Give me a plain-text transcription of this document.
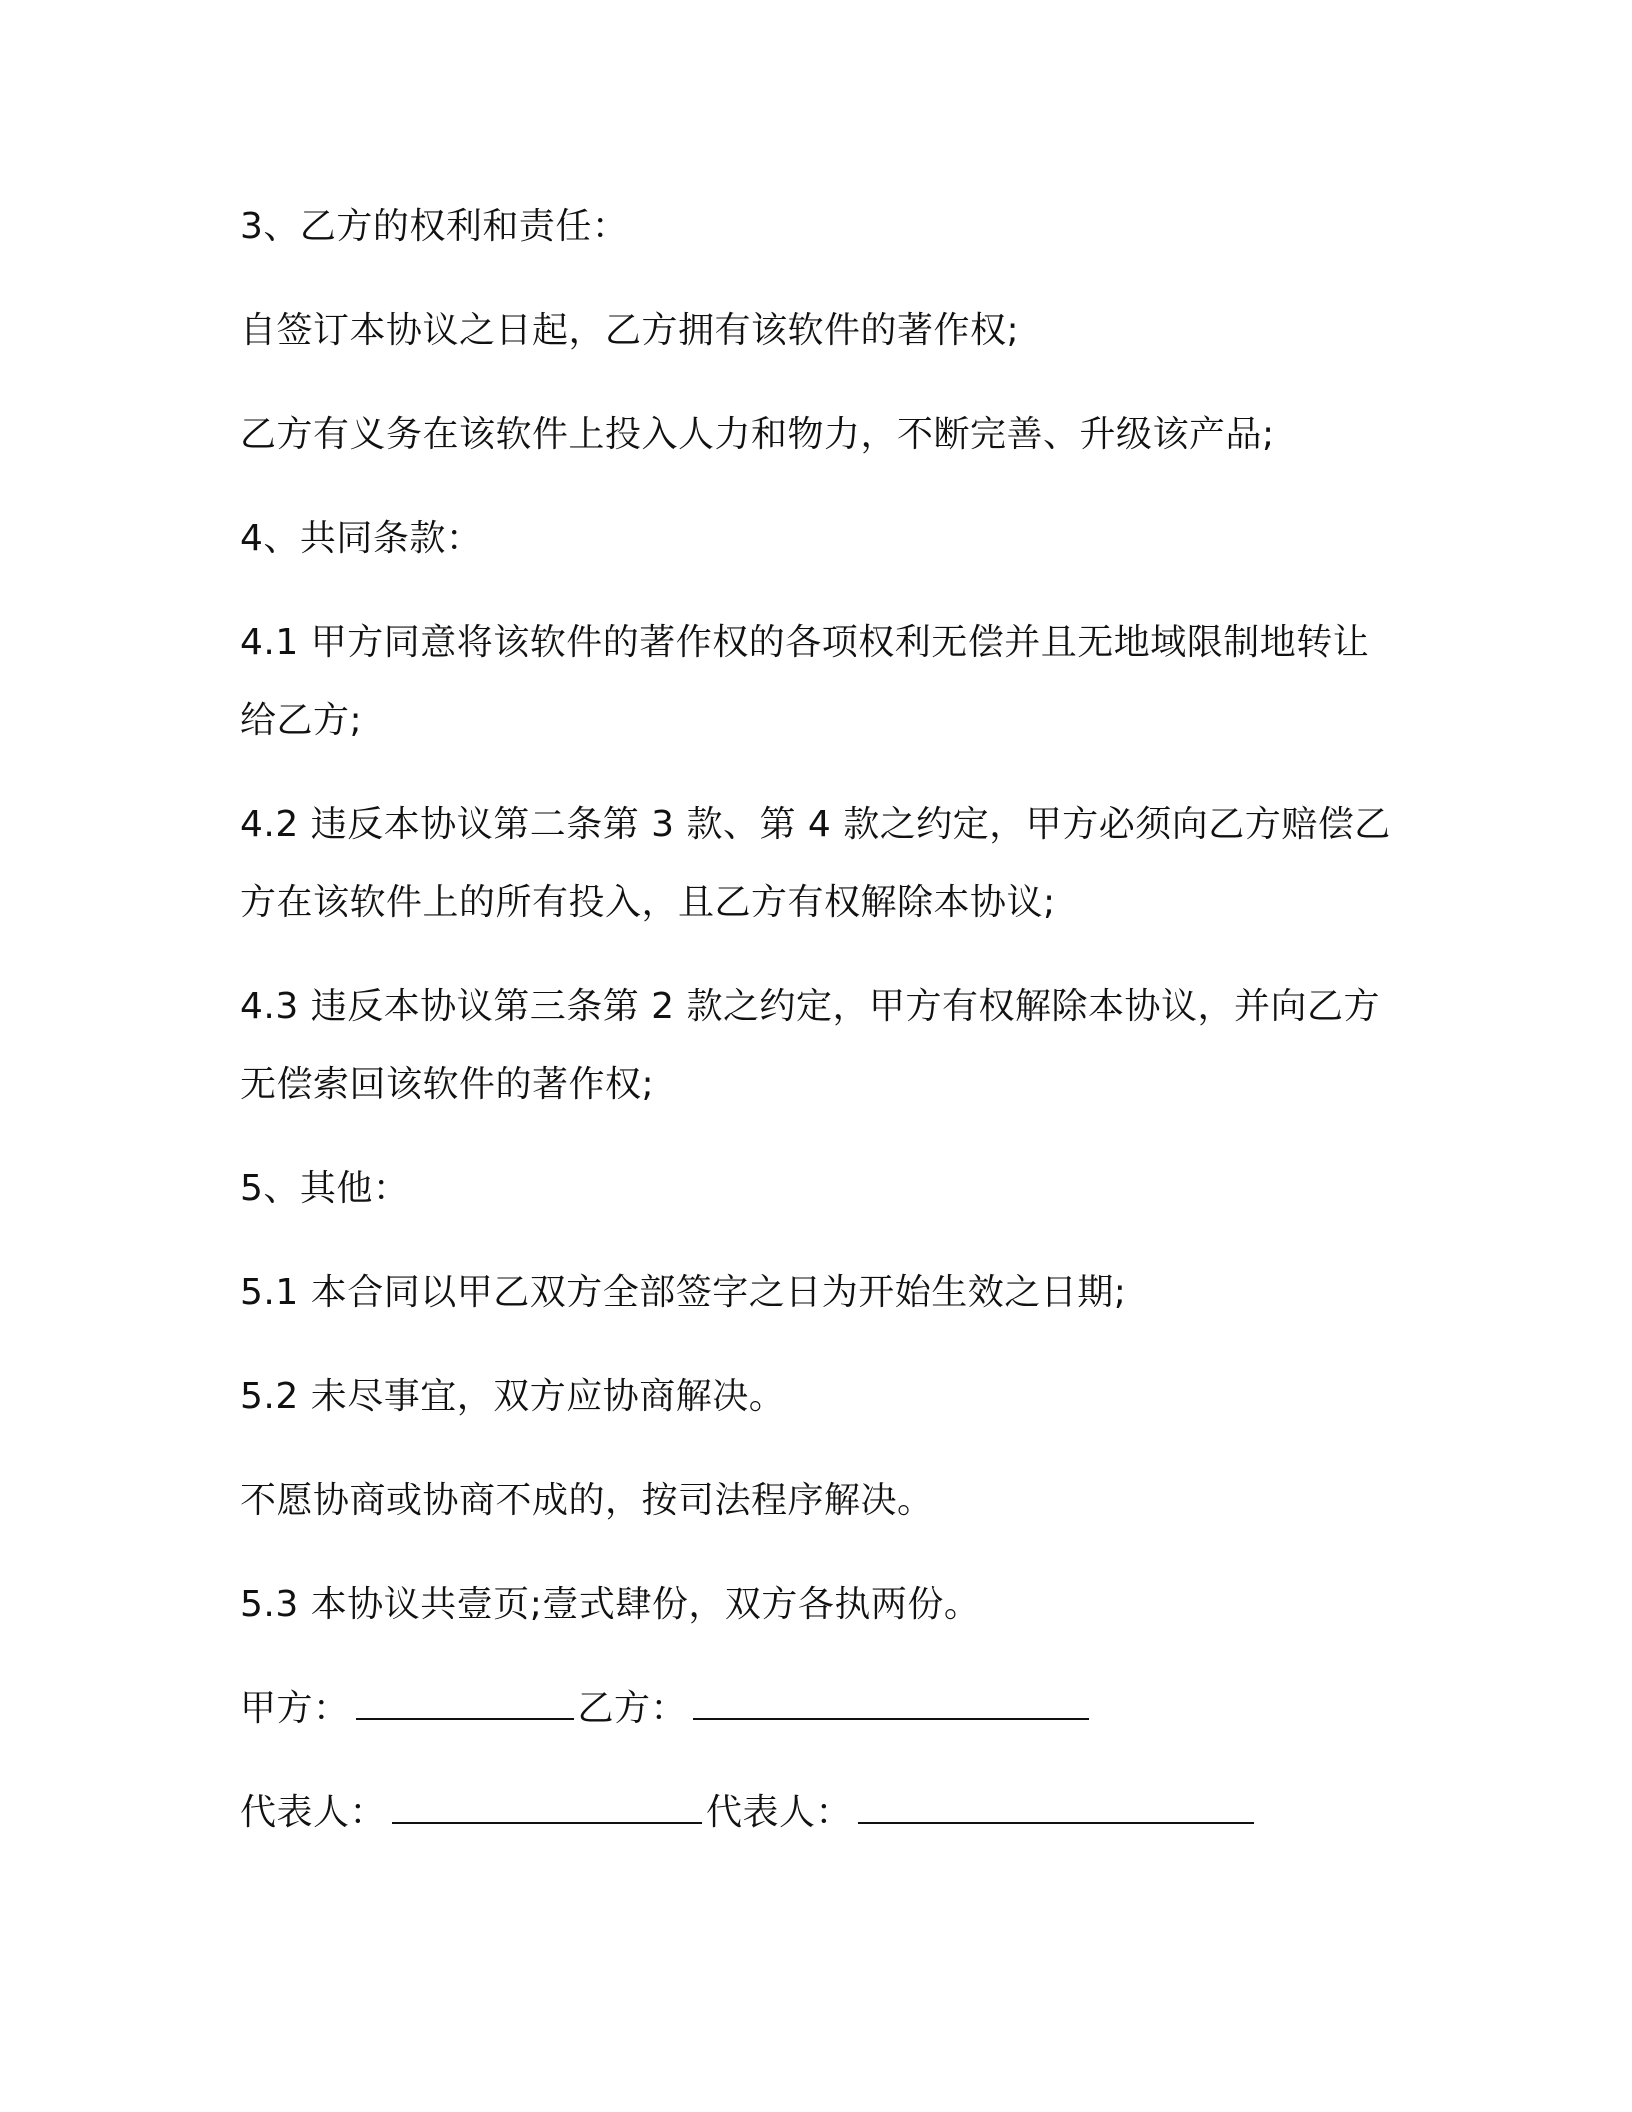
3、乙方的权利和责任：

自签订本协议之日起，乙方拥有该软件的著作权;

乙方有义务在该软件上投入人力和物力，不断完善、升级该产品;

4、共同条款：

4.1 甲方同意将该软件的著作权的各项权利无偿并且无地域限制地转让给乙方;

4.2 违反本协议第二条第 3 款、第 4 款之约定，甲方必须向乙方赔偿乙方在该软件上的所有投入，且乙方有权解除本协议;

4.3 违反本协议第三条第 2 款之约定，甲方有权解除本协议，并向乙方无偿索回该软件的著作权;

5、其他：

5.1 本合同以甲乙双方全部签字之日为开始生效之日期;

5.2 未尽事宜，双方应协商解决。

不愿协商或协商不成的，按司法程序解决。

5.3 本协议共壹页;壹式肆份，双方各执两份。

甲方：	乙方：
代表人：	代表人：
